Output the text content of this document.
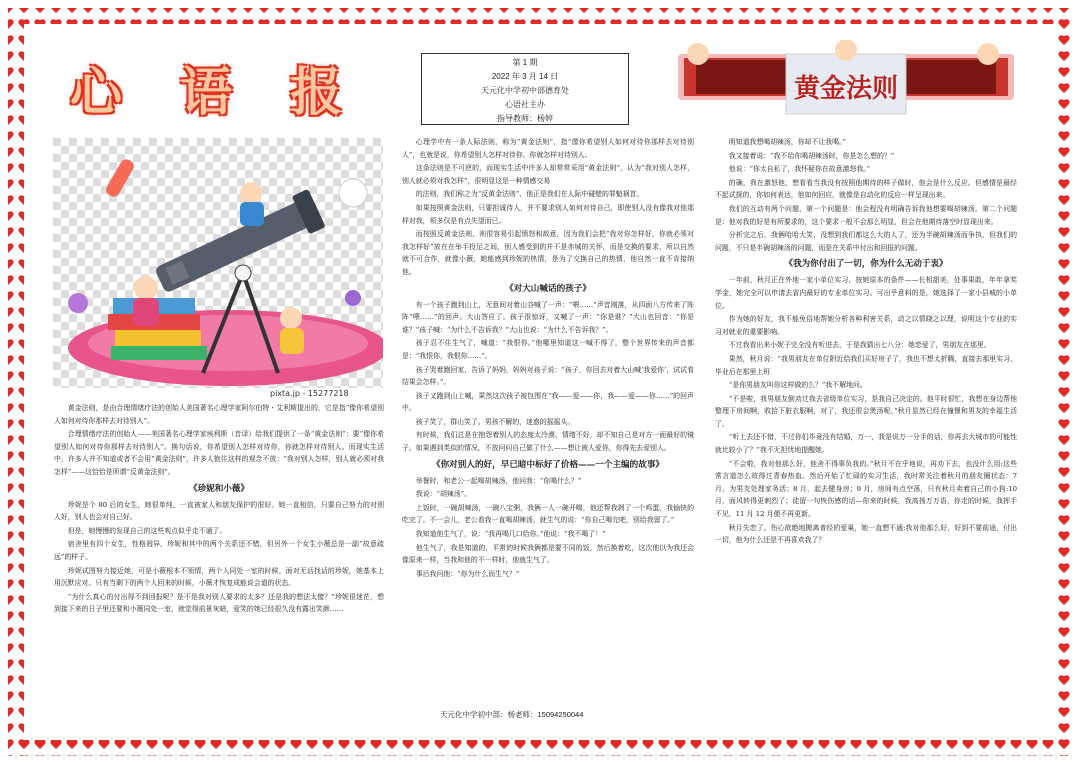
心 语 报
第 1 期
2022 年 3 月 14 日
天元化中学初中部德育处
心语社主办
指导教师：杨婷
黄金法则
pixta.jp - 15277218

黄金法则，是由合理情绪疗法的创始人美国著名心理学家阿尔伯特・艾利斯提出的，它是指“像你希望别人如何对待你那样去对待别人”。

合理情绪疗法的创始人——美国著名心理学家埃利斯（音译）给我们提供了一条“黄金法则”：要“像你希望别人如何对待你那样去对待别人”。换句话说，你希望别人怎样对待你，你就怎样对待别人。而现实生活中，许多人并不知道或者不会用“黄金法则”，许多人抱住这样的观念不放：“我对别人怎样，别人就必须对我怎样”——这恰恰是所谓“反黄金法则”。

《珍妮和小薇》

珍妮是个 80 后的女生，她很单纯，一直被家人和朋友保护的很好。她一直相信，只要自己努力的对别人好，别人也会对自己好。

但是，她慢慢的发现自己的这些观点似乎走不通了。

宿舍里有四个女生，性格迥异，珍妮和其中的两个关系还不错，但另外一个女生小薇总是一副“故意疏远”的样子。

珍妮试图努力接近她，可是小薇根本不领情，两个人同处一室的时候，面对无话找话的珍妮，她基本上用沉默应对。只有当剩下的两个人回来的时候，小薇才恢复成能说会道的状态。

“为什么真心的付出得不到回报呢？是不是我对别人要求的太多？还是我的想法太傻？”珍妮很迷茫，想到接下来的日子里还要和小薇同处一室，就觉得前景灰暗，爱笑的她已经很久没有露出笑颜……

心理学中有一条人际法则，称为“黄金法则”，指“像你希望别人如何对待你那样去对待别人”，也就是说，你希望别人怎样对待你，你就怎样对待别人。

这条法则是不可逆的，而现实生活中许多人却常常采用“黄金法则”，认为“我对别人怎样，别人就必须对我怎样”，很明显这是一种情感交易

的法则，我们称之为“反黄金法则”，他正是我们在人际中碰壁的罪魁祸首。

如果按照黄金法则，只要担诚待人，并不要求别人如何对待自己，即使别人没有像我对他那样对我，须多仅是有点失望而已。

而按照反黄金法则，则很容易引起愤怒和敌意，因为我们会把“我对你怎样好，你就必须对我怎样好”放在在举手投足之间，别人感受到的并不是赤城的关怀，而是交换的要求，所以自然就不可合作，就像小薇，她能感到珍妮的热情，是为了交换自己的热情，他自然一直不肯接纳他。

《对大山喊话的孩子》

有一个孩子跑到山上，无意间对着山谷喊了一声：“喂……”声音刚落，从四面八方传来了阵阵“喂……”的回声。大山答应了。孩子很惊讶，又喊了一声：“你是谁？”大山也回音：“你是谁？”孩子喊：“为什么不告诉我？”大山也说：“为什么不告诉我？”。

孩子忍不住生气了，喊道：“我恨你。”他哪里知道这一喊不得了，整个世界传来的声音都是：“我恨你，我恨你……”。

孩子哭着跑回家，告诉了妈妈，妈妈对孩子说：“孩子，你回去对着大山喊‘我爱你’，试试看结果会怎样。”。

孩子又跑到山上喊，果然这次孩子被包围在“我——爱——你，我——爱——你……”的回声中。

孩子笑了，群山笑了。男孩不解的，迷惑的摇摇头。

有时候，我们总是在抱怨着别人的态度太冷漠、情绪不好，却不知自己是对方一面最好的镜子。如果遇到类似的情况，不放问问自己做了什么——想让被人爱你，你得先去爱别人。

《你对别人的好，早已暗中标好了价格——一个主编的故事》

举餐时，和老公一起喝胡辣汤，他问我：“你喝什么？”

我说：“胡辣汤”。

上饭时，一碗胡辣汤，一碗八宝粥，我俩一人一碗开喝，他还帮我剥了一个鸡蛋，我愉快的吃完了。不一会儿，老公看我一直喝胡辣汤，就生气的说：“你自己喝完吧，别给我留了。”

我知道他生气了，说：“我再喝几口给你。”他说：“我不喝了！”

他生气了，我是知道的，平常的时候我俩都是要不同的饭，然后换着吃，这次他以为我还会像原来一样，当我和他的不一样时，他就生气了。

事后我问他：“你为什么而生气？”

明知道我想喝胡辣汤，你却不让我喝。”

我又接着说：“我不给你喝胡辣汤时，你是怎么想的？”

他说：“你太自私了，我怀疑你在故意激怒我。”

的确，我在激怒他，想看看当我没有按照他期待的样子做时，他会是什么反应。但感情是最经不起试探的，你如何表达，他如何回应，就像是自动化的反应一样呈现出来。

我们的互动有两个问题，第一个问题是：他会程没有明确告诉我他想要喝胡辣汤。第二个问题是：他对我的好是有所要求的，这个要求一般不会那么明显，但会在他期待落空时显现出来。

分析完之后，我俩哈哈大笑，没想到我们都这么大的人了，还为半碗胡辣汤而争执，但我们的问题，不只是半碗胡辣汤的问题，而是在关系中付出和回报的问题。

《我为你付出了一切，你为什么无动于衷》

一年前，秋月正在外地一家小单位实习，按她原本的条件——长相甜美，处事果敢，年年拿奖学金，她完全可以申请去省内最好的专业单位实习。可出乎意料的是，她选择了一家小县城的小单位。

作为她的好友，我不能免俗地帮她分析各种利害关系，动之以情晓之以理，说明这个专业的实习对就业的重要影响。

不过我看出来小妮子完全没有听进去，于是我猜出七八分：她恋爱了，男朋友在那里。

果然，秋月说：“我男朋友在单位附近给我们买好房子了，我也不想太折腾，直接去那里实习，毕业后在那里上班

“是你男朋友叫你这样做的么？”我不解地问。

“不是啦，我男朋友倒劝过我去省级单位实习，是我自己决定的。他平时很忙，我想在身边帮他整理下房间啊，收拾下脏衣服啊，对了，我还很会煲汤呢。”秋月显然已经在憧憬和男友的幸福生活了。

“听上去还不错，不过你们毕竟没有结婚，万一，我是说万一分手的话，你再去大城市的可能性就比较小了？”我不无担忧地提醒她。

“不会啦，我对他那么好，他舍不得辜负我的。”秋月不在乎地说，再劝下去，也没什么用:这些常言道怎么故得过青春热血。然后开始了忙碌的实习生活，我时常关注着秋月的朋友圈状态：7 月，为男友处理家务活；8 月，起去健身房；9 月，房间有点空荡，只有秋月卖着自己的小狗:10 月，面风转得更刺烈了；徒留一句恢伤感的话—你来的时候，我高扬万万语，你走的时候，我挥手不见，11 月 12 月便不再更新。

秋月失恋了。伤心欲绝地搬离普经的爱巢，她一直想不通:我对他那么好，好到不要前途，付出一切，他为什么还是不再喜欢我了？

天元化中学初中部：杨老师：15094250044
